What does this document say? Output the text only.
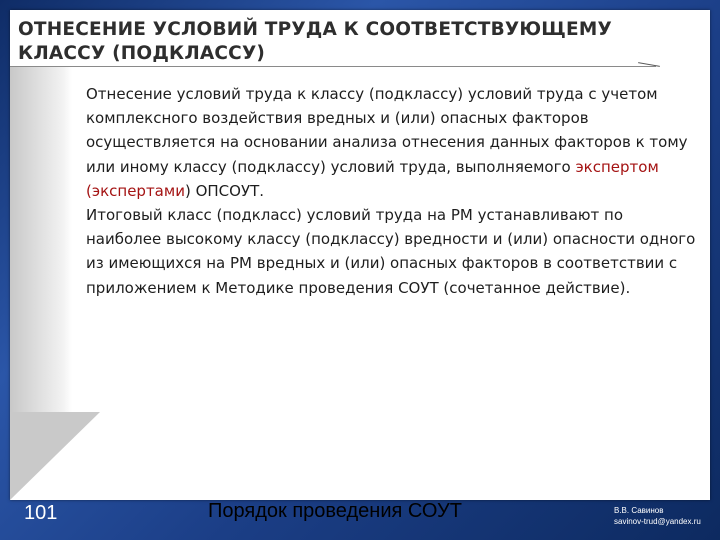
ОТНЕСЕНИЕ УСЛОВИЙ ТРУДА К СООТВЕТСТВУЮЩЕМУ
КЛАССУ (ПОДКЛАССУ)

Отнесение условий труда к классу (подклассу) условий труда с учетом комплексного воздействия вредных и (или) опасных факторов осуществляется на основании анализа отнесения данных факторов к тому или иному классу (подклассу) условий труда, выполняемого экспертом (экспертами) ОПСОУТ.

Итоговый класс (подкласс) условий труда на РМ устанавливают по наиболее высокому классу (подклассу) вредности и (или) опасности одного из имеющихся на РМ вредных и (или) опасных факторов в соответствии с приложением к Методике проведения СОУТ (сочетанное действие).

101	Порядок проведения СОУТ	В.В. Савинов
savinov-trud@yandex.ru
